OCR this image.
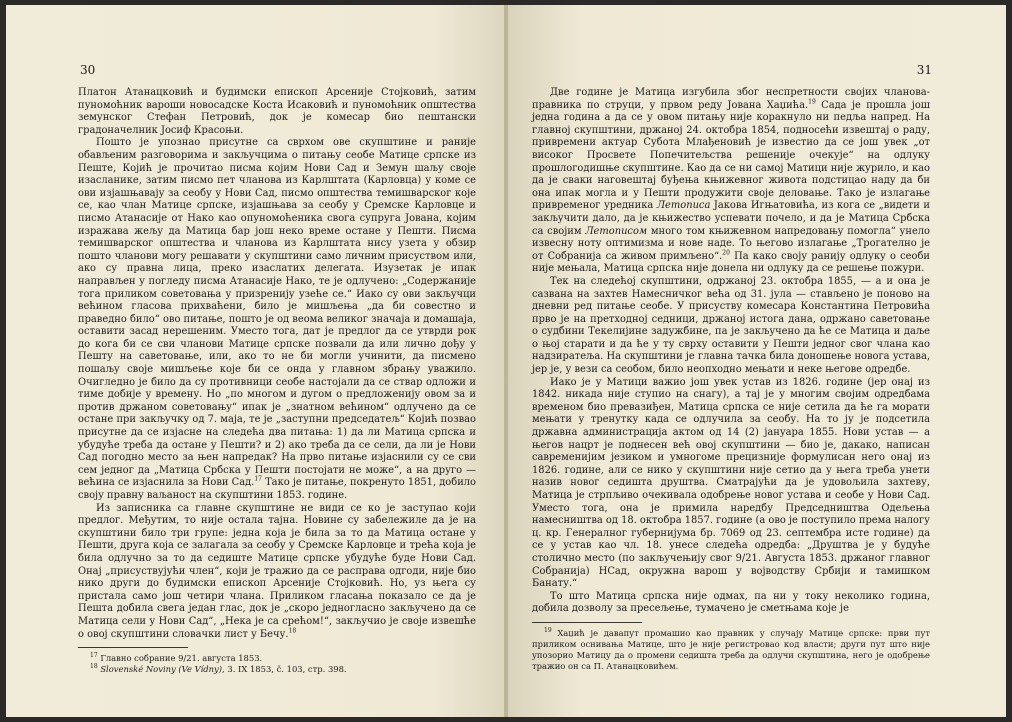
30

Платон Атанацковић и будимски епископ Арсеније Стојковић, затим пуномоћник вароши новосадске Коста Исаковић и пуномоћник општества земунског Стефан Петровић, док је комесар био пештански градоначелник Јосиф Красоњи.

Пошто је упознао присутне са сврхом ове скупштине и раније обављеним разговорима и закључцима о питању сеобе Матице српске из Пеште, Којић је прочитао писма којим Нови Сад и Земун шаљу своје изасланике, затим писмо пет чланова из Карлштата (Карловца) у коме се ови изјашњавају за сеобу у Нови Сад, писмо општества темишварског које се, као члан Матице српске, изјашњава за сеобу у Сремске Карловце и писмо Атанасије от Нако као опуномоћеника свога супруга Јована, којим изражава жељу да Матица бар још нeко време остане у Пешти. Писма темишварског општества и чланова из Карлштата нису узета у обзир пошто чланови могу решавати у скупштини само личним присуством или, ако су правна лица, преко изаслатих делегата. Изузетак је ипак направљен у погледу писма Атанасије Нако, те је одлучено: „Содержаније тога приликом советовања у призрениjу узеће се.“ Иако су ови закључци већином гласова прихваћени, било је мишљења „да би совестно и праведно било“ ово питање, пошто је од веома великог значаја и домашаја, оставити засад нерешеним. Уместо тога, дат је предлог да се утврди рок до кога би се сви чланови Матице српске позвали да или лично дођу у Пешту на саветовање, или, ако то не би могли учинити, да писмено пошаљу своје мишљење које би се онда у главном збрању уважило. Очигледно је било да су противници сеобе настојали да се ствар одложи и тиме добије у времену. Но „по многом и дугом о предложенију овом за и против држаном советовању“ ипак је „знатном већином“ одлучено да се остане при закључку од 7. маја, те је „заступни председатељ“ Којић позвао присутне да се изјасне на следећа два питања: 1) да ли Матица српска и убудуће треба да остане у Пешти? и 2) ако треба да се сели, да ли је Нови Сад погодно место за њен напредак? На прво питање изјаснили су се сви сем једног да „Матица Србска у Пешти постојати не може“, а на друго — већина се изјаснила за Нови Сад.$^{17}$ Тако је питање, покренуто 1851, добило своју правну ваљаност на скупштини 1853. године.

Из записника са главне скупштине не види се ко је заступао који предлог. Међутим, то није остала тајна. Новине су забележиле да је на скупштини било три групе: једна која је била за то да Матица остане у Пешти, друга која се залагала за сеобу у Сремске Карловце и трећа која је била одлучно за то да седиште Матице српске убудуће буде Нови Сад. Онај „присуствујући член“, који је тражио да се расправа одгоди, није био нико други до будимски епископ Арсеније Стојковић. Но, уз њега су пристала само још четири члана. Приликом гласања показало се да је Пешта добила свега један глас, док је „скоро једногласно закључено да се Матица сели у Нови Сад“, „Нека је са срећом!“, закључио је своје извешће о овој скупштини словачки лист у Бечу.$^{18}$

$^{17}$ Главно собрание 9/21. августа 1853.

$^{18}$ Slovenské Noviny (Ve Vídny), 3. IX 1853, č. 103, стр. 398.

31

Две године је Матица изгубила због неспретности својих чланова-правника по струци, у првом реду Јована Хаџића.$^{19}$ Сада је прошла још једна година а да се у овом питању није коракнуло ни педља напред. На главној скупштини, држаној 24. октобра 1854, подносећи извештај о раду, привремени актуар Субота Млађеновић је известио да се још увек „от високог Просвете Попечитељства решеније очекује“ на одлуку прошлогодишње скупштине. Као да се ни самој Матици није журило, и као да је сваки наговештај буђења књижевног живота подстицао наду да би она ипак могла и у Пешти продужити своје деловање. Тако је излагање привременог уредника Летописа Јакова Игњатовића, из кога се „видети и закључити дало, да је књижество успевати почело, и да је Матица Србска са својим Летописом много том књижевном напредовању помогла“ унело извесну ноту оптимизма и нове наде. То његово излагање „Трогателно је от Собранија са живом примљено“.$^{20}$ Па како своју ранију одлуку о сеоби није мењала, Матица српска није донела ни одлуку да се решење пожури.

Тек на следећој скупштини, одржаној 23. октобра 1855, — а и она је сазвана на захтев Намесничког већа од 31. јула — стављено је поново на дневни ред питање сеобе. У присуству комесара Константина Петровића прво је на претходној седници, држаној истога дана, одржано саветовање о судбини Текелијине задужбине, па је закључено да ће се Матица и даље о њој старати и да ће у ту сврху оставити у Пешти једног свог члана као надзиратеља. На скупштини је главна тачка била доношење новога устава, јер је, у вези са сеобом, било неопходно мењати и неке његове одредбе.

Иако је у Матици важио још увек устав из 1826. године (јер онај из 1842. никада није ступио на снагу), а тај је у многим својим одредбама временом био превазиђен, Матица српска се није сетила да ће га морати мењати у тренутку када се одлучила за сеобу. На то ју је подсетила државна администрација актом од 14 (2) јануара 1855. Нови устав — а његов нацрт је поднесен већ овој скупштини — био је, дакако, написан савременијим језиком и умногоме прецизније формулисан него онај из 1826. године, али се нико у скупштини није сетио да у њега треба унети назив новог седишта друштва. Сматрајући да је удовољила захтеву, Матица је стрпљиво очекивала одобрење новог устава и сеобе у Нови Сад. Уместо тога, она је примила наредбу Председништва Одељења намесништва од 18. октобра 1857. године (а ово је поступило према налогу ц. кр. Генералног губернијума бр. 7069 од 23. септембра исте године) да се у устав као чл. 18. унесе следећа одредба: „Друштва је у будуће столично место (по закључењију свог 9/21. Августа 1853. држаног главног Собранија) НСад, окружна варош у војводству Србији и тамишком Банату.“

То што Матица српска није одмах, па ни у току неколико година, добила дозволу за пресељење, тумачено је сметњама које је

$^{19}$ Хаџић је давапут промашио као правник у случају Матице српске: први пут приликом оснивања Матице, што је није регистровао код власти; други пут што није упозорио Матицу да о промени седишта треба да одлучи скупштина, него је одобрење тражио он са П. Атанацковићем.
